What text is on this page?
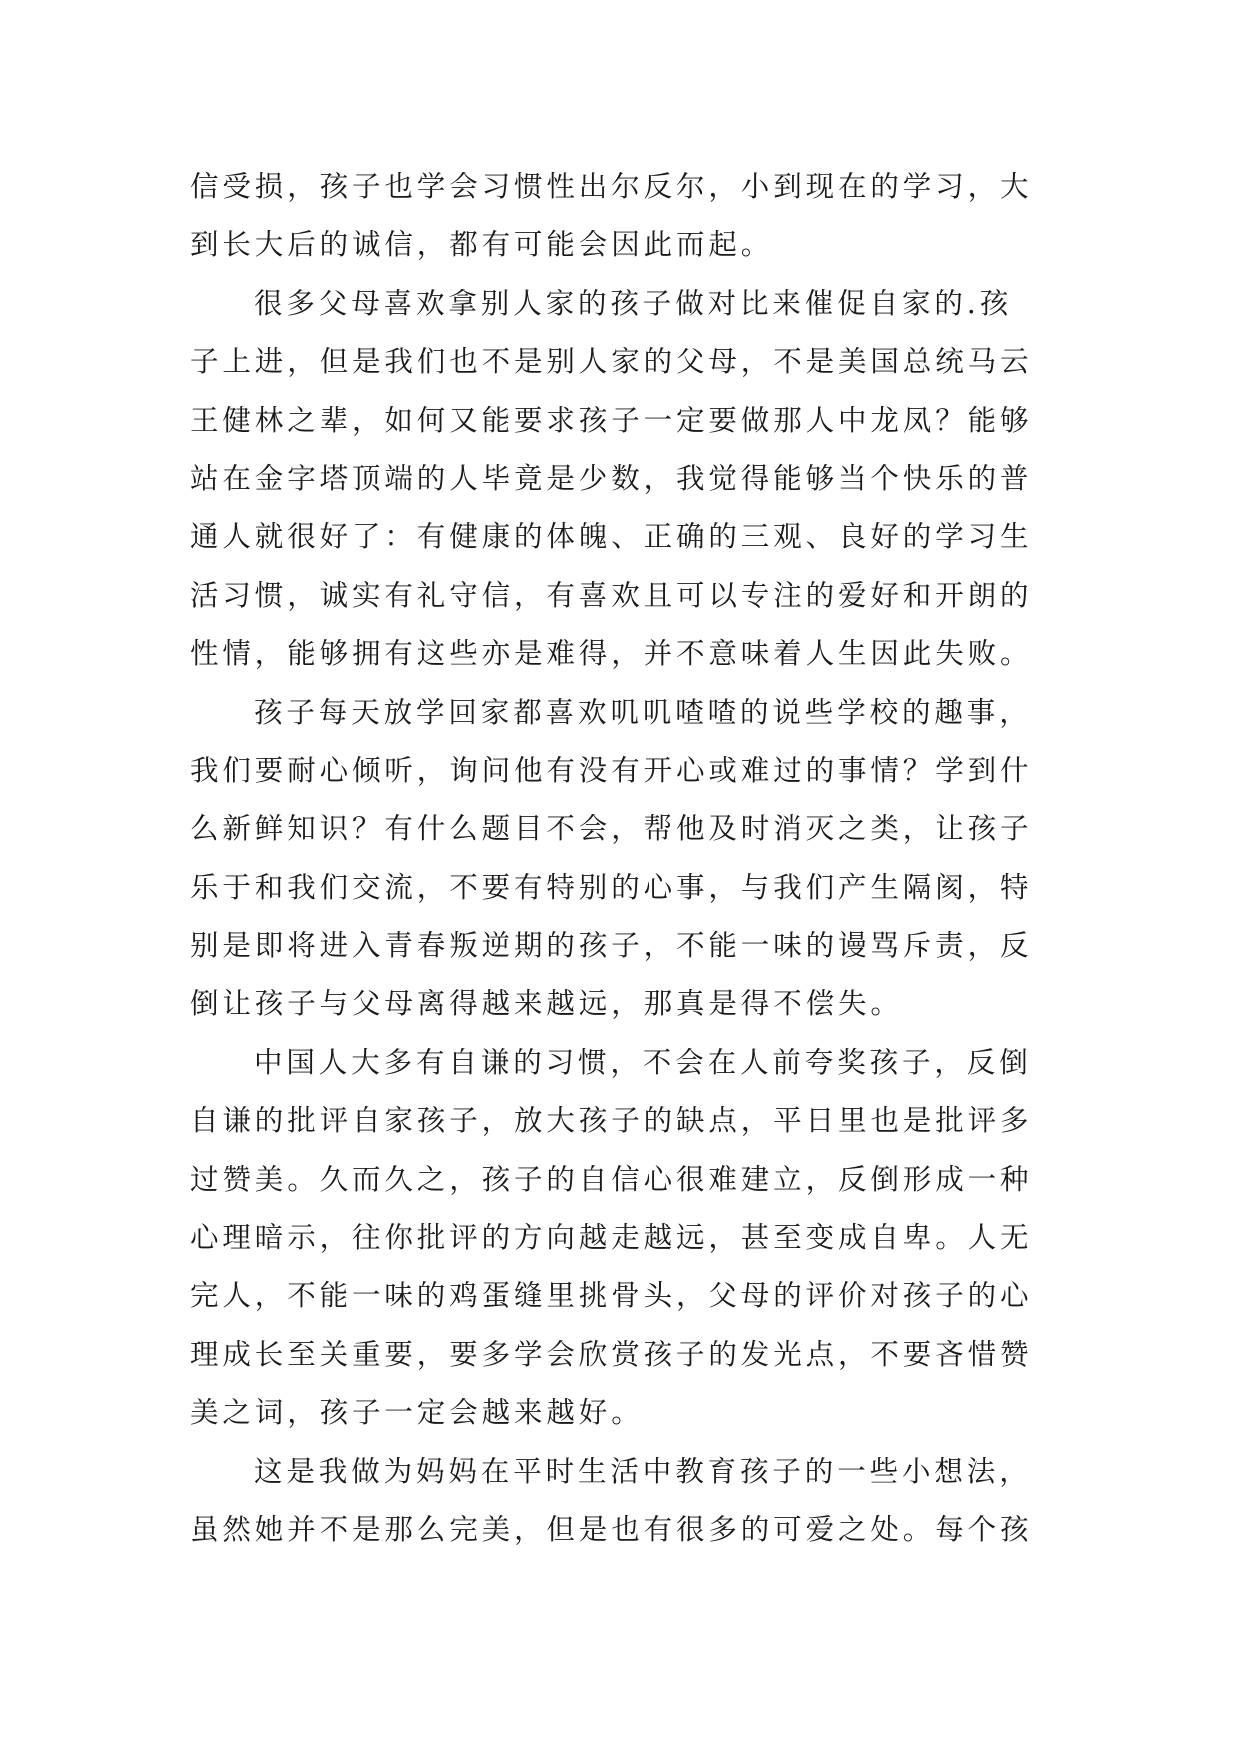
信受损，孩子也学会习惯性出尔反尔，小到现在的学习，大
到长大后的诚信，都有可能会因此而起。
很多父母喜欢拿别人家的孩子做对比来催促自家的.孩
子上进，但是我们也不是别人家的父母，不是美国总统马云
王健林之辈，如何又能要求孩子一定要做那人中龙凤？能够
站在金字塔顶端的人毕竟是少数，我觉得能够当个快乐的普
通人就很好了：有健康的体魄、正确的三观、良好的学习生
活习惯，诚实有礼守信，有喜欢且可以专注的爱好和开朗的
性情，能够拥有这些亦是难得，并不意味着人生因此失败。
孩子每天放学回家都喜欢叽叽喳喳的说些学校的趣事，
我们要耐心倾听，询问他有没有开心或难过的事情？学到什
么新鲜知识？有什么题目不会，帮他及时消灭之类，让孩子
乐于和我们交流，不要有特别的心事，与我们产生隔阂，特
别是即将进入青春叛逆期的孩子，不能一味的谩骂斥责，反
倒让孩子与父母离得越来越远，那真是得不偿失。
中国人大多有自谦的习惯，不会在人前夸奖孩子，反倒
自谦的批评自家孩子，放大孩子的缺点，平日里也是批评多
过赞美。久而久之，孩子的自信心很难建立，反倒形成一种
心理暗示，往你批评的方向越走越远，甚至变成自卑。人无
完人，不能一味的鸡蛋缝里挑骨头，父母的评价对孩子的心
理成长至关重要，要多学会欣赏孩子的发光点，不要吝惜赞
美之词，孩子一定会越来越好。
这是我做为妈妈在平时生活中教育孩子的一些小想法，
虽然她并不是那么完美，但是也有很多的可爱之处。每个孩
